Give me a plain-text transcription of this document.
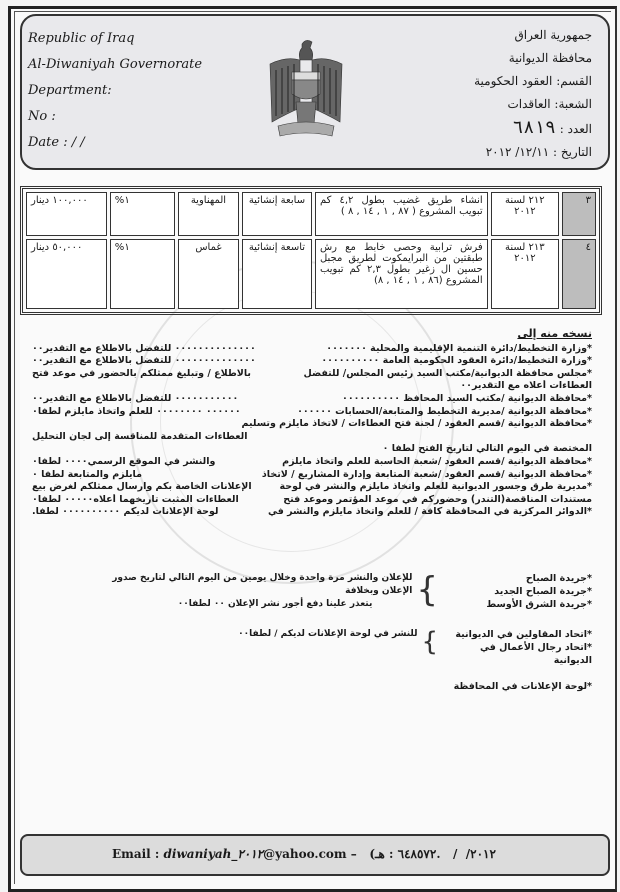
Republic of Iraq
Al-Diwaniyah Governorate
Department:
No :
Date : / /
جمهورية العراق
محافظة الديوانية
القسم: العقود الحكومية
الشعبة: العاقدات
العدد : ٦٨١٩
التاريخ : ١٢/١١/ ٢٠١٢
٣	٢١٢ لسنة ٢٠١٢	انشاء طريق غضيب بطول ٤,٢ كم تبويب المشروع ( ٨٧ , ١ , ١٤ , ٨ )	سابعة إنشائية	المهناوية	١%	١٠٠,٠٠٠ دينار
٤	٢١٣ لسنة ٢٠١٢	فرش ترابية وحصى خابط مع رش طبقتين من البرايمكوت لطريق مجبل حسين ال زغير بطول ٢,٣ كم تبويب المشروع (٨٦ , ١ , ١٤ , ٨)	تاسعة إنشائية	غماس	١%	٥٠,٠٠٠ دينار
نسخه منه إلى
*وزارة التخطيط/دائرة التنمية الإقليمية والمحلية ٠٠٠٠٠٠٠
٠٠٠٠٠٠٠٠٠٠٠٠٠٠ للتفضل بالاطلاع مع التقدير٠٠
*وزارة التخطيط/دائرة العقود الحكومية العامة ٠٠٠٠٠٠٠٠٠٠
٠٠٠٠٠٠٠٠٠٠٠٠٠٠ للتفضل بالاطلاع مع التقدير٠٠
*مجلس محافظة الديوانية/مكتب السيد رئيس المجلس/ للتفضل
بالاطلاع / وتبليغ ممثلكم بالحضور في موعد فتح
العطاءات أعلاه مع التقدير٠٠
*محافظة الديوانية /مكتب السيد المحافظ ٠٠٠٠٠٠٠٠٠٠
٠٠٠٠٠٠٠٠٠٠٠ للتفضل بالاطلاع مع التقدير٠٠
*محافظة الديوانية /مديرية التخطيط والمتابعة/الحسابات ٠٠٠٠٠٠
٠٠٠٠٠٠ ٠٠٠٠٠٠٠٠ للعلم واتخاذ مايلزم لطفا٠
*محافظة الديوانية /قسم العقود / لجنة فتح العطاءات / لاتخاذ مايلزم وتسليم
العطاءات المتقدمة للمناقسة إلى لجان التحليل
المختصة في اليوم التالي لتاريخ الفتح لطفا ٠
*محافظة الديوانية /قسم العقود /شعبة الحاسبة للعلم واتخاذ مايلزم
والنشر في الموقع الرسمي٠٠٠٠ لطفا٠
*محافظة الديوانية /قسم العقود /شعبة المتابعة وإدارة المشاريع / لاتخاذ
مايلزم والمتابعة لطفا ٠
*مديرية طرق وجسور الديوانية للعلم واتخاذ مايلزم والنشر في لوحة
الإعلانات الخاصة بكم وارسال ممثلكم لغرض بيع
مستندات المناقصة(التندر) وحضوركم في موعد المؤتمر وموعد فتح
العطاءات المثبت تاريخهما أعلاه٠٠٠٠٠ لطفا٠
*الدوائر المركزية في المحافظة كافة / للعلم واتخاذ مايلزم والنشر في
لوحة الإعلانات لديكم ٠٠٠٠٠٠٠٠٠٠ لطفا.
*جريدة الصباح
*جريدة الصباح الجديد
*جريدة الشرق الأوسط
}
للإعلان والنشر مرة واحدة وخلال يومين من اليوم التالي لتاريخ صدور الإعلان وبخلافة
يتعذر علينا دفع أجور نشر الإعلان ٠٠ لطفا٠٠
*اتحاد المقاولين في الديوانية
*اتحاد رجال الأعمال في الديوانية
}
للنشر في لوحة الإعلانات لديكم / لطفا٠٠
*لوحة الإعلانات في المحافظة
Email : diwaniyah_٢٠١٢@yahoo.com –   (٢٠١٢/  /   .٦٤٨٥٧٢ : هـ
